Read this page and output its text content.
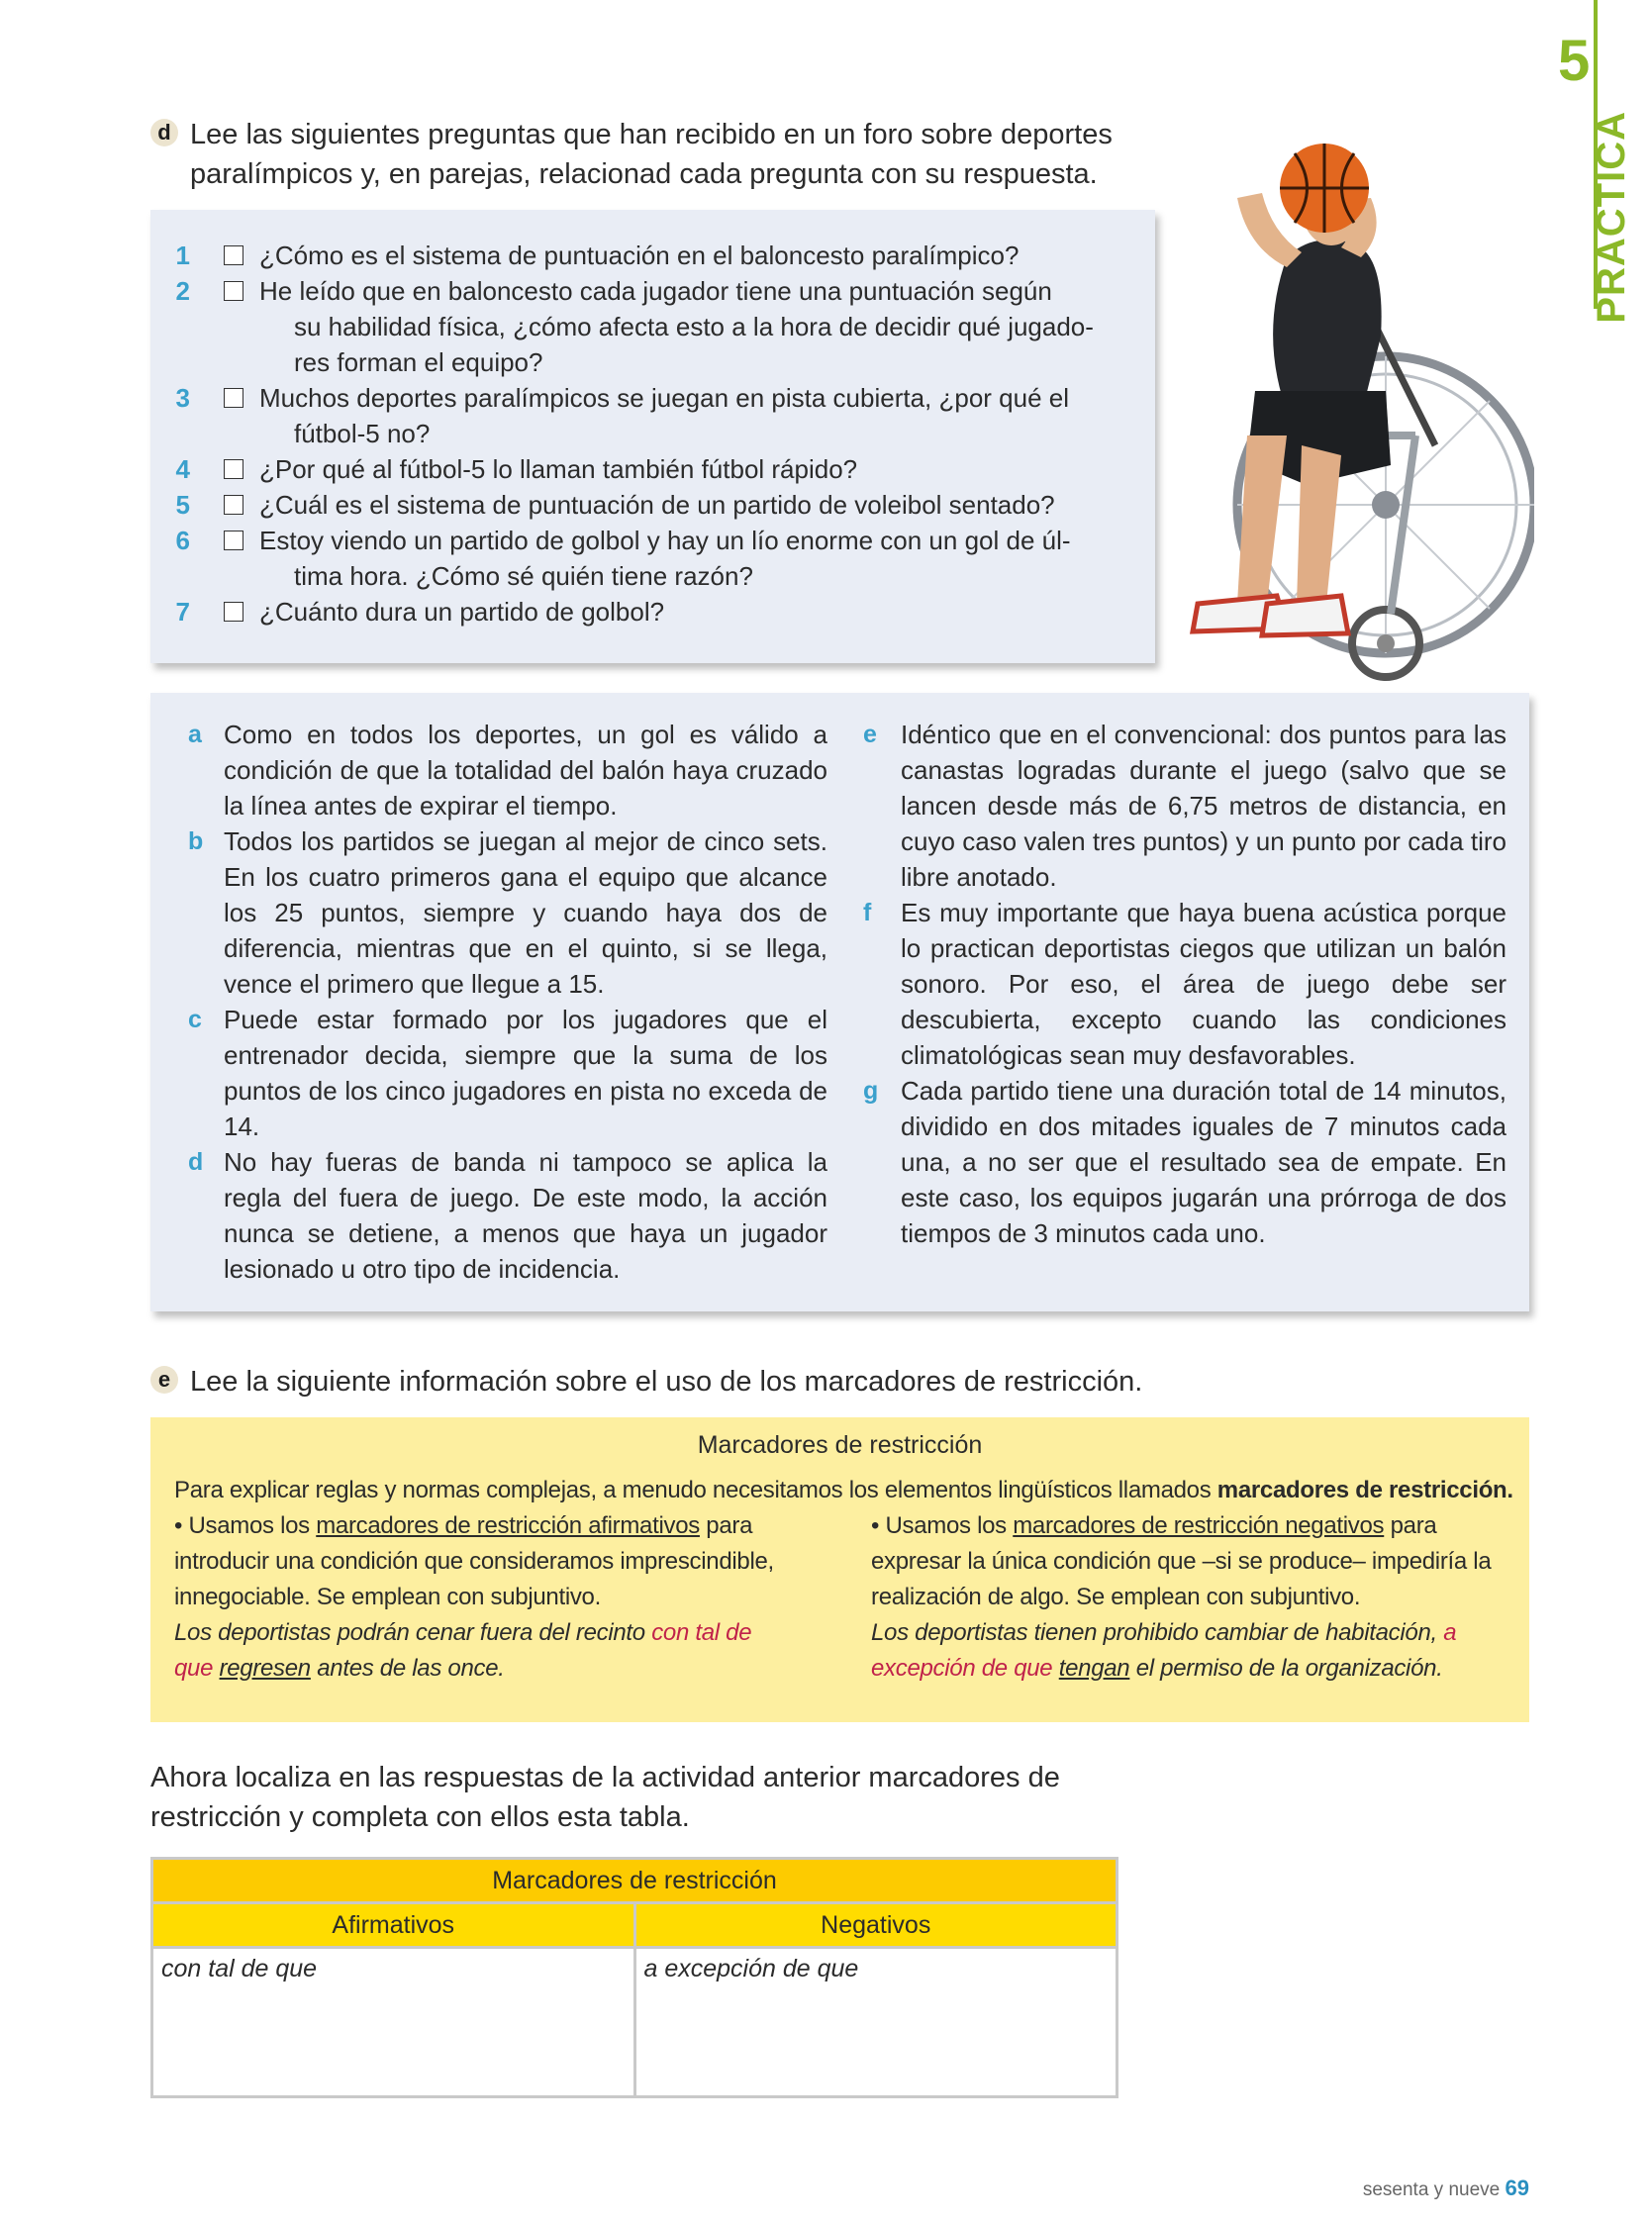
5
PRACTICA
d Lee las siguientes preguntas que han recibido en un foro sobre deportes
paralímpicos y, en parejas, relacionad cada pregunta con su respuesta.
1	¿Cómo es el sistema de puntuación en el baloncesto paralímpico?
2	He leído que en baloncesto cada jugador tiene una puntuación según
su habilidad física, ¿cómo afecta esto a la hora de decidir qué jugado-
res forman el equipo?
3	Muchos deportes paralímpicos se juegan en pista cubierta, ¿por qué el
fútbol-5 no?
4	¿Por qué al fútbol-5 lo llaman también fútbol rápido?
5	¿Cuál es el sistema de puntuación de un partido de voleibol sentado?
6	Estoy viendo un partido de golbol y hay un lío enorme con un gol de úl-
tima hora. ¿Cómo sé quién tiene razón?
7	¿Cuánto dura un partido de golbol?
a Como en todos los deportes, un gol es válido a condición de que la totalidad del balón haya cruzado la línea antes de expirar el tiempo.
b Todos los partidos se juegan al mejor de cinco sets. En los cuatro primeros gana el equipo que alcance los 25 puntos, siempre y cuando haya dos de diferencia, mientras que en el quinto, si se llega, vence el primero que llegue a 15.
c Puede estar formado por los jugadores que el entrenador decida, siempre que la suma de los puntos de los cinco jugadores en pista no exceda de 14.
d No hay fueras de banda ni tampoco se aplica la regla del fuera de juego. De este modo, la acción nunca se detiene, a menos que haya un jugador lesionado u otro tipo de incidencia.
e Idéntico que en el convencional: dos puntos para las canastas logradas durante el juego (salvo que se lancen desde más de 6,75 metros de distancia, en cuyo caso valen tres puntos) y un punto por cada tiro libre anotado.
f Es muy importante que haya buena acústica porque lo practican deportistas ciegos que utilizan un balón sonoro. Por eso, el área de juego debe ser descubierta, excepto cuando las condiciones climatológicas sean muy desfavorables.
g Cada partido tiene una duración total de 14 minutos, dividido en dos mitades iguales de 7 minutos cada una, a no ser que el resultado sea de empate. En este caso, los equipos jugarán una prórroga de dos tiempos de 3 minutos cada uno.
e Lee la siguiente información sobre el uso de los marcadores de restricción.
Marcadores de restricción
Para explicar reglas y normas complejas, a menudo necesitamos los elementos lingüísticos llamados marcadores de restricción.
• Usamos los marcadores de restricción afirmativos para
introducir una condición que consideramos imprescindible,
innegociable. Se emplean con subjuntivo.
Los deportistas podrán cenar fuera del recinto con tal de
que regresen antes de las once.
• Usamos los marcadores de restricción negativos para
expresar la única condición que –si se produce– impediría la
realización de algo. Se emplean con subjuntivo.
Los deportistas tienen prohibido cambiar de habitación, a
excepción de que tengan el permiso de la organización.
Ahora localiza en las respuestas de la actividad anterior marcadores de
restricción y completa con ellos esta tabla.
Marcadores de restricción	
Afirmativos	Negativos
con tal de que	a excepción de que
sesenta y nueve 69
